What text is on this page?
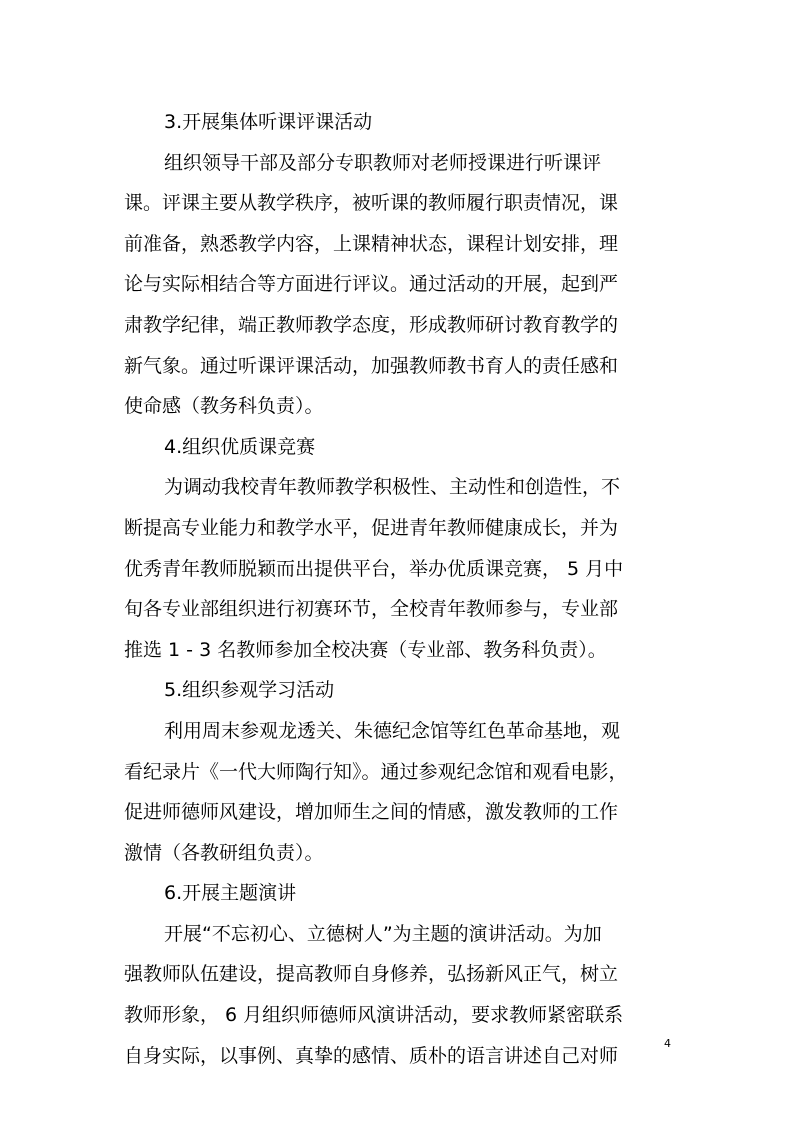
3.开展集体听课评课活动
组织领导干部及部分专职教师对老师授课进行听课评
课。评课主要从教学秩序，被听课的教师履行职责情况，课
前准备，熟悉教学内容，上课精神状态，课程计划安排，理
论与实际相结合等方面进行评议。通过活动的开展，起到严
肃教学纪律，端正教师教学态度，形成教师研讨教育教学的
新气象。通过听课评课活动，加强教师教书育人的责任感和
使命感（教务科负责）。
4.组织优质课竞赛
为调动我校青年教师教学积极性、主动性和创造性，不
断提高专业能力和教学水平，促进青年教师健康成长，并为
优秀青年教师脱颖而出提供平台，举办优质课竞赛， 5 月中
旬各专业部组织进行初赛环节，全校青年教师参与，专业部
推选 1 - 3 名教师参加全校决赛（专业部、教务科负责）。
5.组织参观学习活动
利用周末参观龙透关、朱德纪念馆等红色革命基地，观
看纪录片《一代大师陶行知》。通过参观纪念馆和观看电影，
促进师德师风建设，增加师生之间的情感，激发教师的工作
激情（各教研组负责）。
6.开展主题演讲
开展“不忘初心、立德树人”为主题的演讲活动。为加
强教师队伍建设，提高教师自身修养，弘扬新风正气，树立
教师形象， 6 月组织师德师风演讲活动，要求教师紧密联系
自身实际，以事例、真挚的感情、质朴的语言讲述自己对师
4
